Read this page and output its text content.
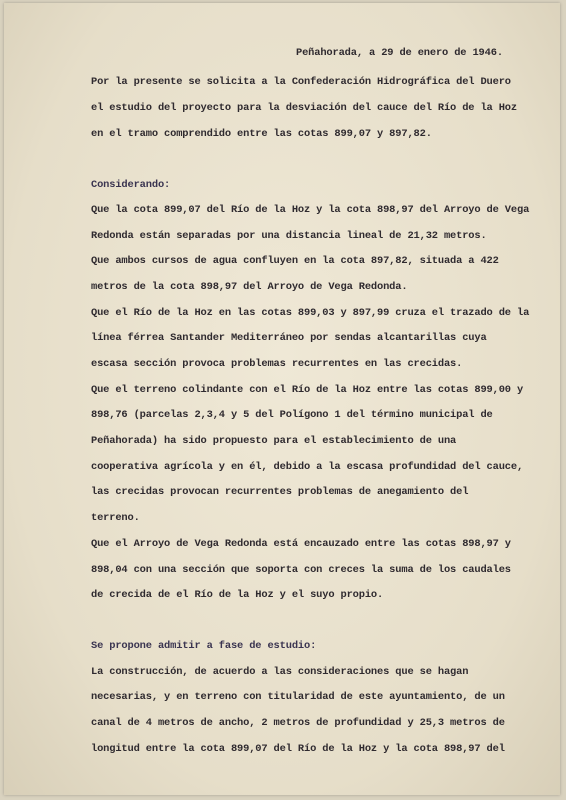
Peñahorada, a 29 de enero de 1946.

Por la presente se solicita a la Confederación Hidrográfica del Duero

el estudio del proyecto para la desviación del cauce del Río de la Hoz

en el tramo comprendido entre las cotas 899,07 y 897,82.

Considerando:

Que la cota 899,07 del Río de la Hoz y la cota 898,97 del Arroyo de Vega

Redonda están separadas por una distancia lineal de 21,32 metros.

Que ambos cursos de agua confluyen en la cota 897,82, situada a 422

metros de la cota 898,97 del Arroyo de Vega Redonda.

Que el Río de la Hoz en las cotas 899,03 y 897,99 cruza el trazado de la

línea férrea Santander Mediterráneo por sendas alcantarillas cuya

escasa sección provoca problemas recurrentes en las crecidas.

Que el terreno colindante con el Río de la Hoz entre las cotas 899,00 y

898,76 (parcelas 2,3,4 y 5 del Polígono 1 del término municipal de

Peñahorada) ha sido propuesto para el establecimiento de una

cooperativa agrícola y en él, debido a la escasa profundidad del cauce,

las crecidas provocan recurrentes problemas de anegamiento del

terreno.

Que el Arroyo de Vega Redonda está encauzado entre las cotas 898,97 y

898,04 con una sección que soporta con creces la suma de los caudales

de crecida de el Río de la Hoz y el suyo propio.

Se propone admitir a fase de estudio:

La construcción, de acuerdo a las consideraciones que se hagan

necesarias, y en terreno con titularidad de este ayuntamiento, de un

canal de 4 metros de ancho, 2 metros de profundidad y 25,3 metros de

longitud entre la cota 899,07 del Río de la Hoz y la cota 898,97 del
